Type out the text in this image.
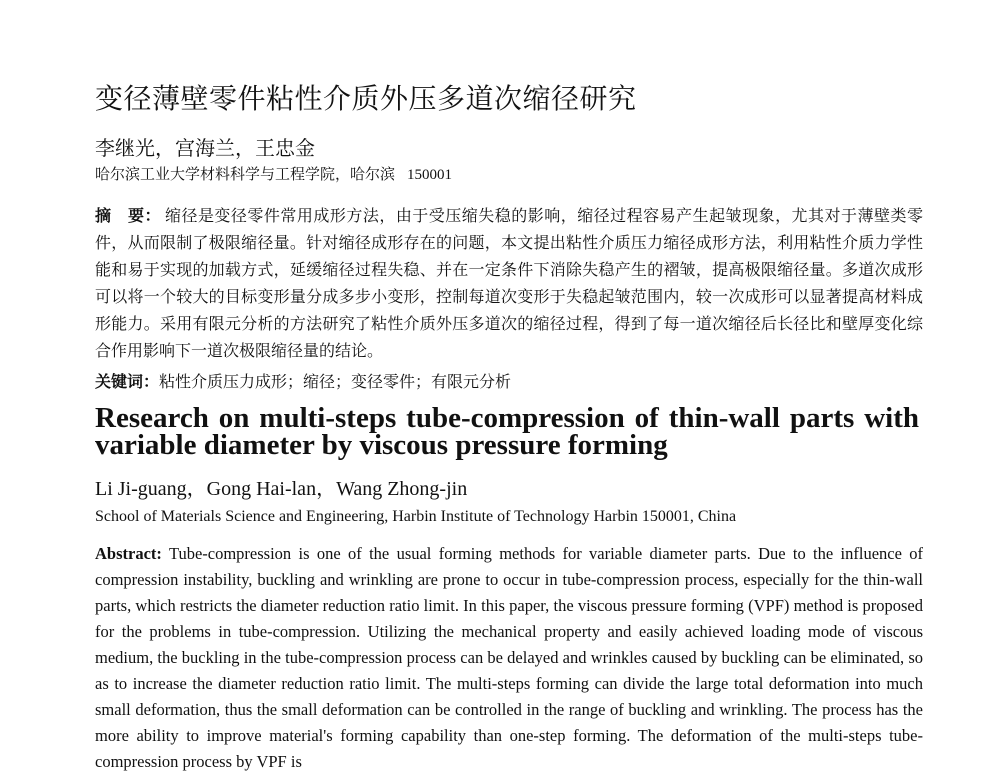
变径薄壁零件粘性介质外压多道次缩径研究
李继光，宫海兰，王忠金
哈尔滨工业大学材料科学与工程学院，哈尔滨 150001
摘　要： 缩径是变径零件常用成形方法，由于受压缩失稳的影响，缩径过程容易产生起皱现象，尤其对于薄壁类零件，从而限制了极限缩径量。针对缩径成形存在的问题，本文提出粘性介质压力缩径成形方法，利用粘性介质力学性能和易于实现的加载方式，延缓缩径过程失稳、并在一定条件下消除失稳产生的褶皱，提高极限缩径量。多道次成形可以将一个较大的目标变形量分成多步小变形，控制每道次变形于失稳起皱范围内，较一次成形可以显著提高材料成形能力。采用有限元分析的方法研究了粘性介质外压多道次的缩径过程，得到了每一道次缩径后长径比和壁厚变化综合作用影响下一道次极限缩径量的结论。
关键词：粘性介质压力成形；缩径；变径零件；有限元分析
Research on multi-steps tube-compression of thin-wall parts with variable diameter by viscous pressure forming
Li Ji-guang，Gong Hai-lan，Wang Zhong-jin
School of Materials Science and Engineering, Harbin Institute of Technology Harbin 150001, China
Abstract: Tube-compression is one of the usual forming methods for variable diameter parts. Due to the influence of compression instability, buckling and wrinkling are prone to occur in tube-compression process, especially for the thin-wall parts, which restricts the diameter reduction ratio limit. In this paper, the viscous pressure forming (VPF) method is proposed for the problems in tube-compression. Utilizing the mechanical property and easily achieved loading mode of viscous medium, the buckling in the tube-compression process can be delayed and wrinkles caused by buckling can be eliminated, so as to increase the diameter reduction ratio limit. The multi-steps forming can divide the large total deformation into much small deformation, thus the small deformation can be controlled in the range of buckling and wrinkling. The process has the more ability to improve material's forming capability than one-step forming. The deformation of the multi-steps tube-compression process by VPF is
